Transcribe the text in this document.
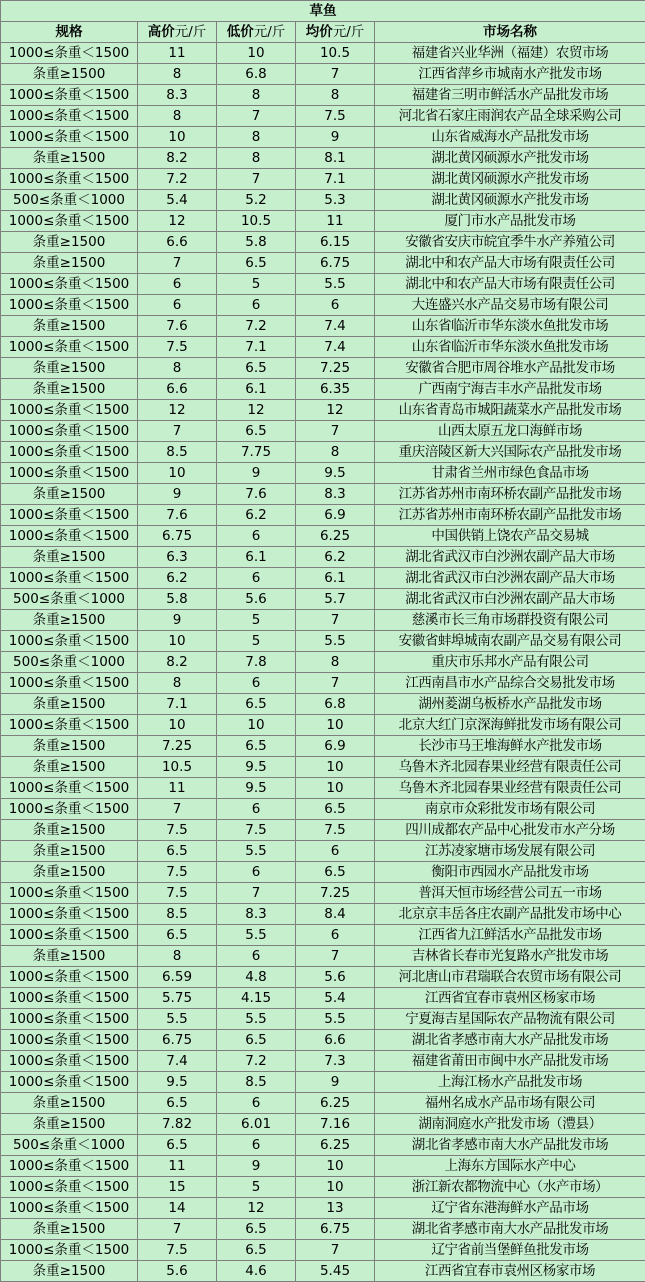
草鱼				
规格	高价元/斤	低价元/斤	均价元/斤	市场名称
1000≤条重＜1500	11	10	10.5	福建省兴业华洲（福建）农贸市场
条重≥1500	8	6.8	7	江西省萍乡市城南水产批发市场
1000≤条重＜1500	8.3	8	8	福建省三明市鲜活水产品批发市场
1000≤条重＜1500	8	7	7.5	河北省石家庄雨润农产品全球采购公司
1000≤条重＜1500	10	8	9	山东省威海水产品批发市场
条重≥1500	8.2	8	8.1	湖北黄冈硕源水产批发市场
1000≤条重＜1500	7.2	7	7.1	湖北黄冈硕源水产批发市场
500≤条重＜1000	5.4	5.2	5.3	湖北黄冈硕源水产批发市场
1000≤条重＜1500	12	10.5	11	厦门市水产品批发市场
条重≥1500	6.6	5.8	6.15	安徽省安庆市皖宜季牛水产养殖公司
条重≥1500	7	6.5	6.75	湖北中和农产品大市场有限责任公司
1000≤条重＜1500	6	5	5.5	湖北中和农产品大市场有限责任公司
1000≤条重＜1500	6	6	6	大连盛兴水产品交易市场有限公司
条重≥1500	7.6	7.2	7.4	山东省临沂市华东淡水鱼批发市场
1000≤条重＜1500	7.5	7.1	7.4	山东省临沂市华东淡水鱼批发市场
条重≥1500	8	6.5	7.25	安徽省合肥市周谷堆水产品批发市场
条重≥1500	6.6	6.1	6.35	广西南宁海吉丰水产品批发市场
1000≤条重＜1500	12	12	12	山东省青岛市城阳蔬菜水产品批发市场
1000≤条重＜1500	7	6.5	7	山西太原五龙口海鲜市场
1000≤条重＜1500	8.5	7.75	8	重庆涪陵区新大兴国际农产品批发市场
1000≤条重＜1500	10	9	9.5	甘肃省兰州市绿色食品市场
条重≥1500	9	7.6	8.3	江苏省苏州市南环桥农副产品批发市场
1000≤条重＜1500	7.6	6.2	6.9	江苏省苏州市南环桥农副产品批发市场
1000≤条重＜1500	6.75	6	6.25	中国供销上饶农产品交易城
条重≥1500	6.3	6.1	6.2	湖北省武汉市白沙洲农副产品大市场
1000≤条重＜1500	6.2	6	6.1	湖北省武汉市白沙洲农副产品大市场
500≤条重＜1000	5.8	5.6	5.7	湖北省武汉市白沙洲农副产品大市场
条重≥1500	9	5	7	慈溪市长三角市场群投资有限公司
1000≤条重＜1500	10	5	5.5	安徽省蚌埠城南农副产品交易有限公司
500≤条重＜1000	8.2	7.8	8	重庆市乐邦水产品有限公司
1000≤条重＜1500	8	6	7	江西南昌市水产品综合交易批发市场
条重≥1500	7.1	6.5	6.8	湖州菱湖乌板桥水产品批发市场
1000≤条重＜1500	10	10	10	北京大红门京深海鲜批发市场有限公司
条重≥1500	7.25	6.5	6.9	长沙市马王堆海鲜水产批发市场
条重≥1500	10.5	9.5	10	乌鲁木齐北园春果业经营有限责任公司
1000≤条重＜1500	11	9.5	10	乌鲁木齐北园春果业经营有限责任公司
1000≤条重＜1500	7	6	6.5	南京市众彩批发市场有限公司
条重≥1500	7.5	7.5	7.5	四川成都农产品中心批发市水产分场
条重≥1500	6.5	5.5	6	江苏凌家塘市场发展有限公司
条重≥1500	7.5	6	6.5	衡阳市西园水产品批发市场
1000≤条重＜1500	7.5	7	7.25	普洱天恒市场经营公司五一市场
1000≤条重＜1500	8.5	8.3	8.4	北京京丰岳各庄农副产品批发市场中心
1000≤条重＜1500	6.5	5.5	6	江西省九江鲜活水产品批发市场
条重≥1500	8	6	7	吉林省长春市光复路水产批发市场
1000≤条重＜1500	6.59	4.8	5.6	河北唐山市君瑞联合农贸市场有限公司
1000≤条重＜1500	5.75	4.15	5.4	江西省宜春市袁州区杨家市场
1000≤条重＜1500	5.5	5.5	5.5	宁夏海吉星国际农产品物流有限公司
1000≤条重＜1500	6.75	6.5	6.6	湖北省孝感市南大水产品批发市场
1000≤条重＜1500	7.4	7.2	7.3	福建省莆田市闽中水产品批发市场
1000≤条重＜1500	9.5	8.5	9	上海江杨水产品批发市场
条重≥1500	6.5	6	6.25	福州名成水产品市场有限公司
条重≥1500	7.82	6.01	7.16	湖南洞庭水产批发市场（澧县）
500≤条重＜1000	6.5	6	6.25	湖北省孝感市南大水产品批发市场
1000≤条重＜1500	11	9	10	上海东方国际水产中心
1000≤条重＜1500	15	5	10	浙江新农都物流中心（水产市场）
1000≤条重＜1500	14	12	13	辽宁省东港海鲜水产品市场
条重≥1500	7	6.5	6.75	湖北省孝感市南大水产品批发市场
1000≤条重＜1500	7.5	6.5	7	辽宁省前当堡鲜鱼批发市场
条重≥1500	5.6	4.6	5.45	江西省宜春市袁州区杨家市场
